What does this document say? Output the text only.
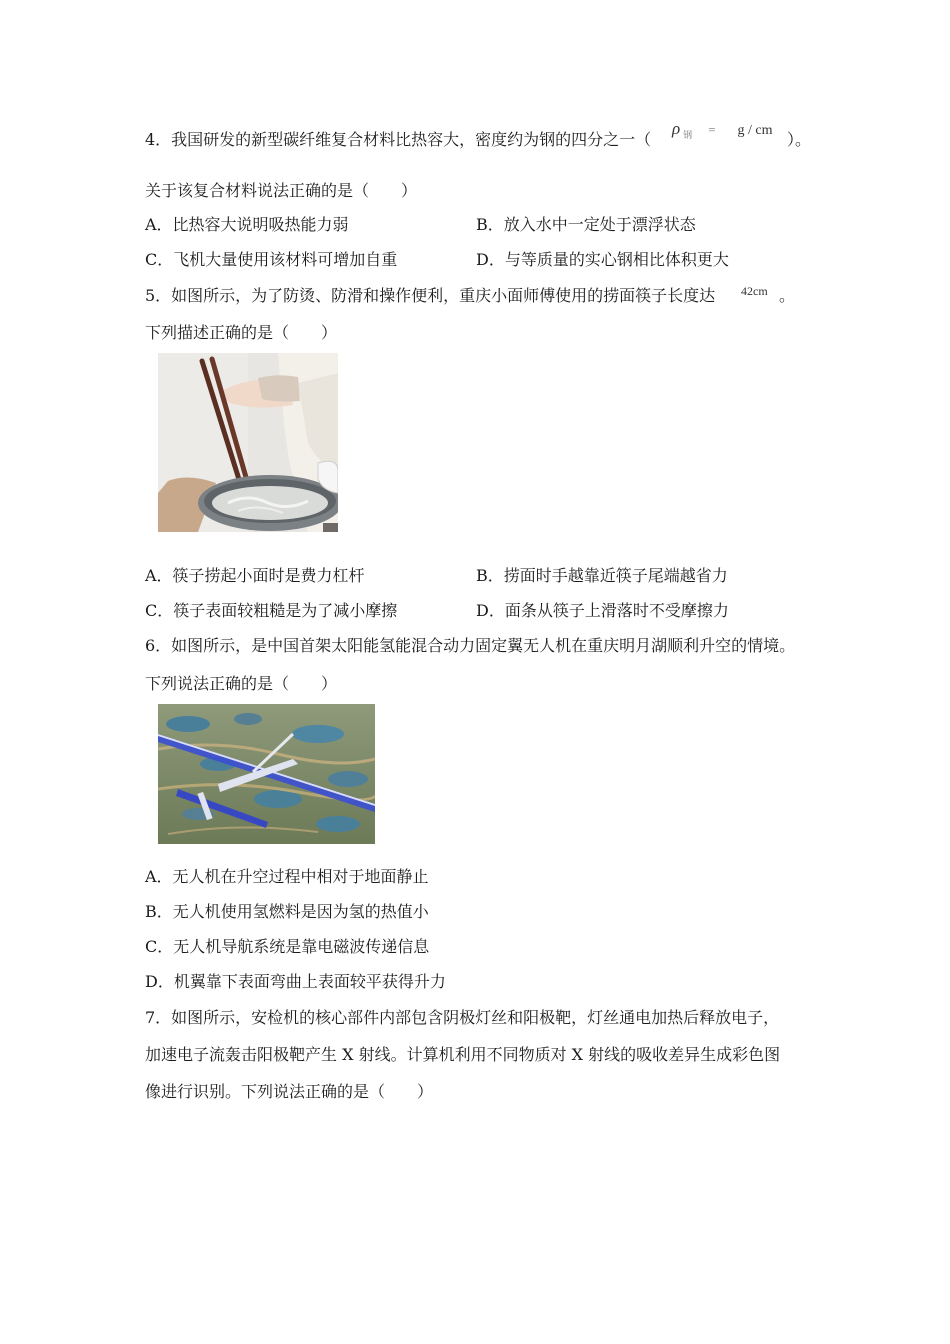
4．我国研发的新型碳纤维复合材料比热容大，密度约为钢的四分之一（
ρ $_钢$ = g / cm ）。
关于该复合材料说法正确的是（　　）
A．比热容大说明吸热能力弱	B．放入水中一定处于漂浮状态
C．飞机大量使用该材料可增加自重	D．与等质量的实心钢相比体积更大
5．如图所示，为了防烫、防滑和操作便利，重庆小面师傅使用的捞面筷子长度达 42cm 。
下列描述正确的是（　　）
A．筷子捞起小面时是费力杠杆	B．捞面时手越靠近筷子尾端越省力
C．筷子表面较粗糙是为了减小摩擦	D．面条从筷子上滑落时不受摩擦力
6．如图所示，是中国首架太阳能氢能混合动力固定翼无人机在重庆明月湖顺利升空的情境。
下列说法正确的是（　　）
A．无人机在升空过程中相对于地面静止
B．无人机使用氢燃料是因为氢的热值小
C．无人机导航系统是靠电磁波传递信息
D．机翼靠下表面弯曲上表面较平获得升力
7．如图所示，安检机的核心部件内部包含阴极灯丝和阳极靶，灯丝通电加热后释放电子，
加速电子流轰击阳极靶产生 X 射线。计算机利用不同物质对 X 射线的吸收差异生成彩色图
像进行识别。下列说法正确的是（　　）
